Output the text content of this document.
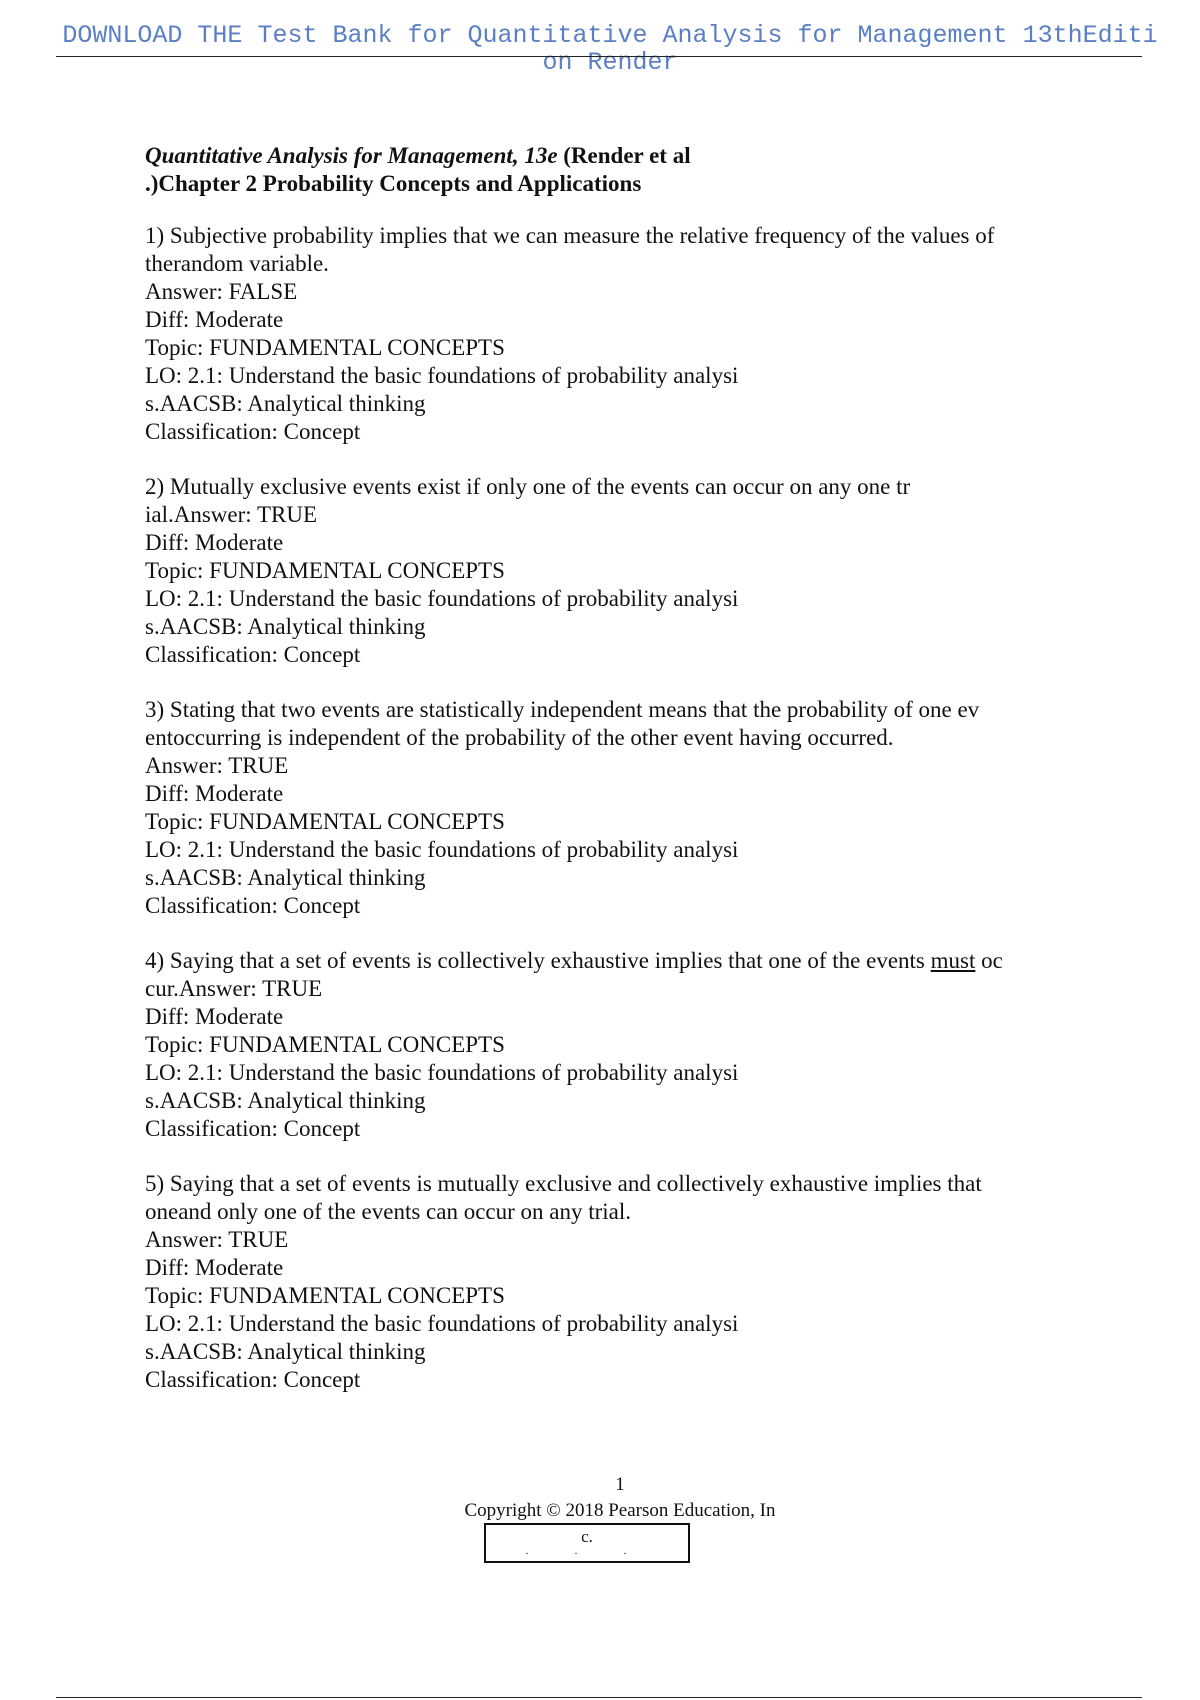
DOWNLOAD THE Test Bank for Quantitative Analysis for Management 13thEditi
on Render
Quantitative Analysis for Management, 13e (Render et al
.)Chapter 2 Probability Concepts and Applications
1) Subjective probability implies that we can measure the relative frequency of the values of
therandom variable.
Answer: FALSE
Diff: Moderate
Topic: FUNDAMENTAL CONCEPTS
LO: 2.1: Understand the basic foundations of probability analysi
s.AACSB: Analytical thinking
Classification: Concept
2) Mutually exclusive events exist if only one of the events can occur on any one tr
ial.Answer: TRUE
Diff: Moderate
Topic: FUNDAMENTAL CONCEPTS
LO: 2.1: Understand the basic foundations of probability analysi
s.AACSB: Analytical thinking
Classification: Concept
3) Stating that two events are statistically independent means that the probability of one ev
entoccurring is independent of the probability of the other event having occurred.
Answer: TRUE
Diff: Moderate
Topic: FUNDAMENTAL CONCEPTS
LO: 2.1: Understand the basic foundations of probability analysi
s.AACSB: Analytical thinking
Classification: Concept
4) Saying that a set of events is collectively exhaustive implies that one of the events must oc
cur.Answer: TRUE
Diff: Moderate
Topic: FUNDAMENTAL CONCEPTS
LO: 2.1: Understand the basic foundations of probability analysi
s.AACSB: Analytical thinking
Classification: Concept
5) Saying that a set of events is mutually exclusive and collectively exhaustive implies that
oneand only one of the events can occur on any trial.
Answer: TRUE
Diff: Moderate
Topic: FUNDAMENTAL CONCEPTS
LO: 2.1: Understand the basic foundations of probability analysi
s.AACSB: Analytical thinking
Classification: Concept
1
Copyright © 2018 Pearson Education, In
c.
. . .
